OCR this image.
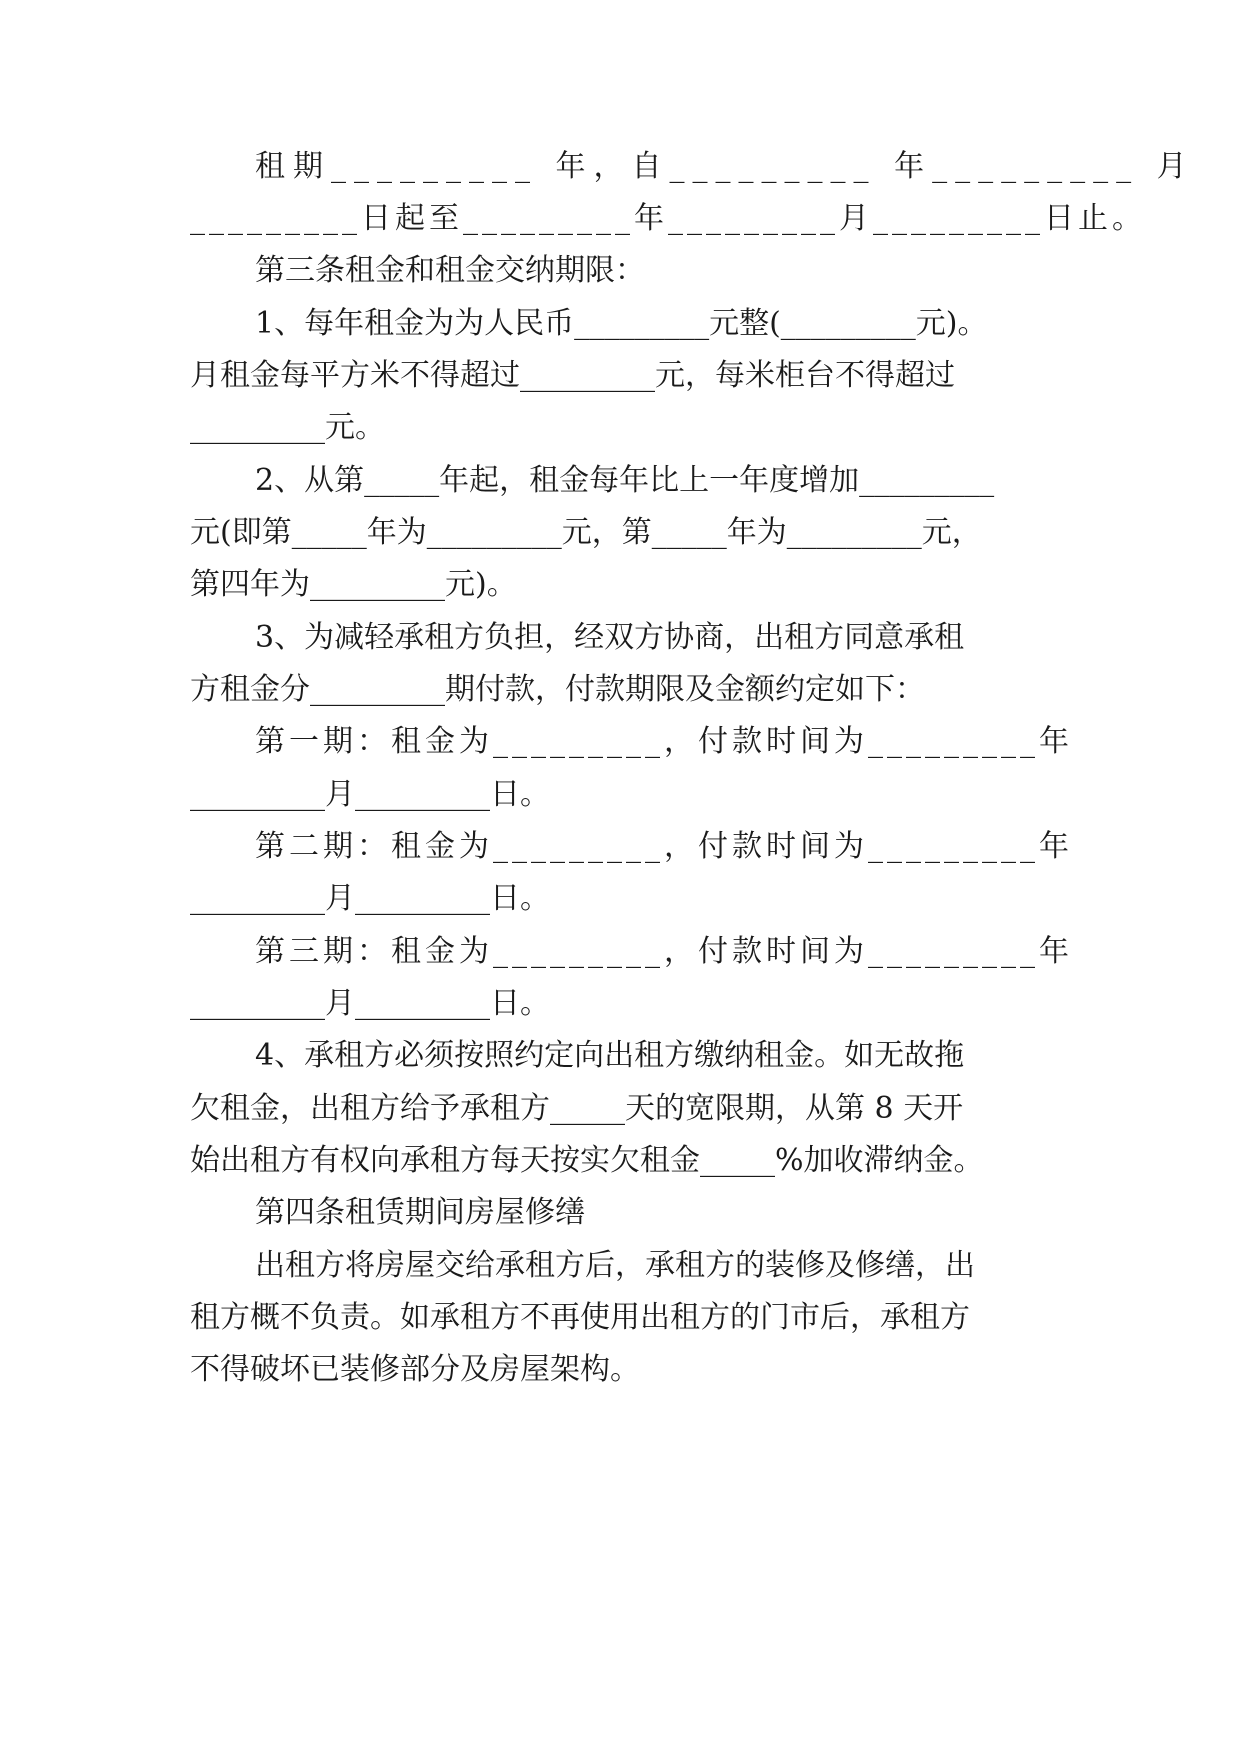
租期_________ 年，自_________ 年_________ 月
_________日起至_________年_________月_________日止。
第三条租金和租金交纳期限：
1、每年租金为为人民币_________元整(_________元)。
月租金每平方米不得超过_________元，每米柜台不得超过
_________元。
2、从第_____年起，租金每年比上一年度增加_________
元(即第_____年为_________元，第_____年为_________元，
第四年为_________元)。
3、为减轻承租方负担，经双方协商，出租方同意承租
方租金分_________期付款，付款期限及金额约定如下：
第一期：租金为_________，付款时间为_________年
_________月_________日。
第二期：租金为_________，付款时间为_________年
_________月_________日。
第三期：租金为_________，付款时间为_________年
_________月_________日。
4、承租方必须按照约定向出租方缴纳租金。如无故拖
欠租金，出租方给予承租方_____天的宽限期，从第 8 天开
始出租方有权向承租方每天按实欠租金_____%加收滞纳金。
第四条租赁期间房屋修缮
出租方将房屋交给承租方后，承租方的装修及修缮，出
租方概不负责。如承租方不再使用出租方的门市后，承租方
不得破坏已装修部分及房屋架构。
